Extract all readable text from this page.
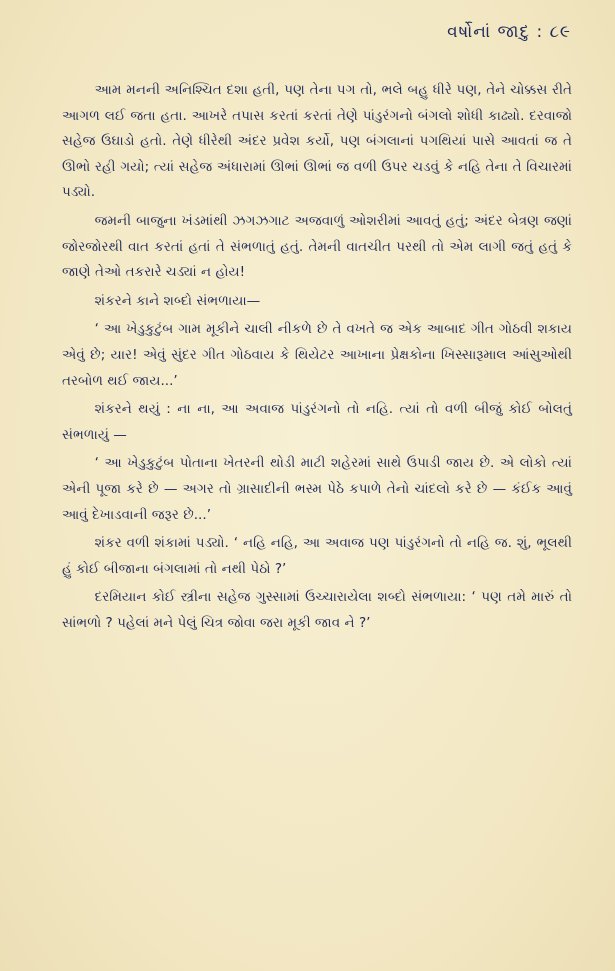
વર્ષોનાં જાદુ : ૮૯

આમ મનની અનિશ્ચિત દશા હતી, પણ તેના પગ તો, ભલે બહુ ધીરે પણ, તેને ચોક્કસ રીતે આગળ લઈ જતા હતા. આખરે તપાસ કરતાં કરતાં તેણે પાંડુરંગનો બંગલો શોધી કાઢ્યો. દરવાજો સહેજ ઉઘાડો હતો. તેણે ધીરેથી અંદર પ્રવેશ કર્યો, પણ બંગલાનાં પગથિયાં પાસે આવતાં જ તે ઊભો રહી ગયો; ત્યાં સહેજ અંધારામાં ઊભાં ઊભાં જ વળી ઉપર ચડવું કે નહિ તેના તે વિચારમાં પડ્યો.

જમની બાજુના ખંડમાંથી ઝગઝગાટ અજવાળું ઓશરીમાં આવતું હતું; અંદર બેત્રણ જણાં જોરજોરથી વાત કરતાં હતાં તે સંભળાતું હતું. તેમની વાતચીત પરથી તો એમ લાગી જતું હતું કે જાણે તેઓ તકરારે ચડ્યાં ન હોય!

શંકરને કાને શબ્દો સંભળાયા—

‘ આ ખેડુકુટુંબ ગામ મૂકીને ચાલી નીકળે છે તે વખતે જ એક આબાદ ગીત ગોઠવી શકાય એવું છે; યાર! એવું સુંદર ગીત ગોઠવાય કે થિયેટર આખાના પ્રેક્ષકોના ખિસ્સારૂમાલ આંસુઓથી તરબોળ થઈ જાય...’

શંકરને થયું : ના ના, આ અવાજ પાંડુરંગનો તો નહિ. ત્યાં તો વળી બીજું કોઈ બોલતું સંભળાયું —

‘ આ ખેડુકુટુંબ પોતાના ખેતરની થોડી માટી શહેરમાં સાથે ઉપાડી જાય છે. એ લોકો ત્યાં એની પૂજા કરે છે — અગર તો ગ્રાસાદીની ભસ્મ પેઠે કપાળે તેનો ચાંદલો કરે છે — કંઈક આવું આવું દેખાડવાની જરૂર છે...’

શંકર વળી શંકામાં પડ્યો. ‘ નહિ નહિ, આ અવાજ પણ પાંડુરંગનો તો નહિ જ. શું, ભૂલથી હું કોઈ બીજાના બંગલામાં તો નથી પેઠો ?’

દરમિયાન કોઈ સ્ત્રીના સહેજ ગુસ્સામાં ઉચ્ચારાયેલા શબ્દો સંભળાયા: ‘ પણ તમે મારું તો સાંભળો ? પહેલાં મને પેલું ચિત્ર જોવા જરા મૂકી જાવ ને ?’
